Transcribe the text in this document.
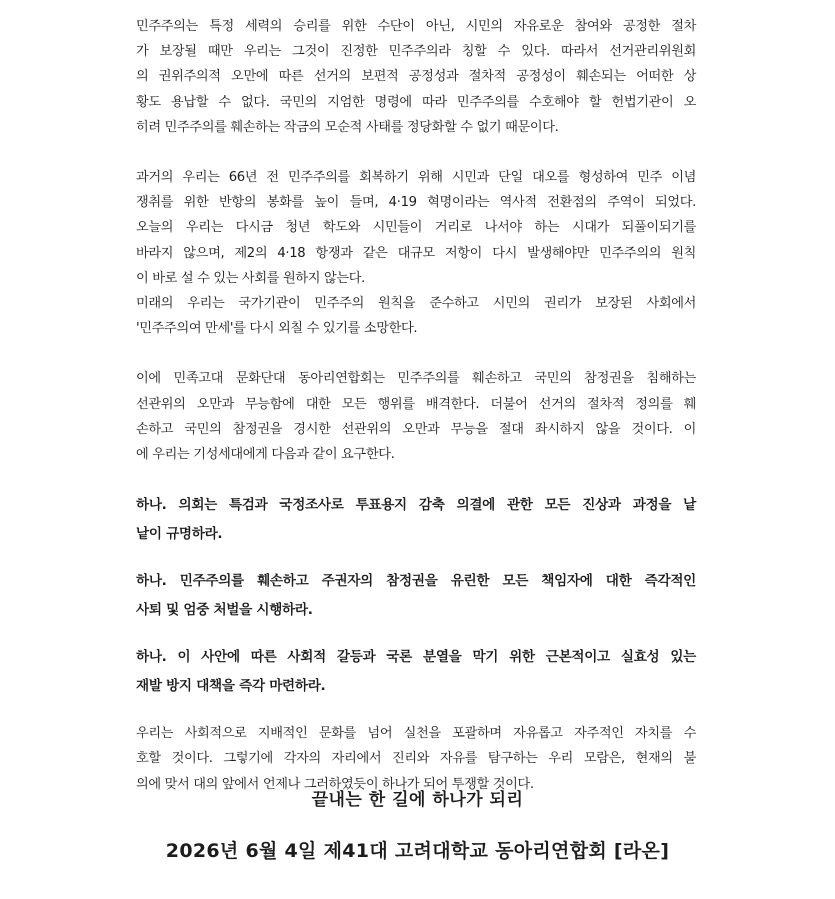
민주주의는 특정 세력의 승리를 위한 수단이 아닌, 시민의 자유로운 참여와 공정한 절차
가 보장될 때만 우리는 그것이 진정한 민주주의라 칭할 수 있다. 따라서 선거관리위원회
의 권위주의적 오만에 따른 선거의 보편적 공정성과 절차적 공정성이 훼손되는 어떠한 상
황도 용납할 수 없다. 국민의 지엄한 명령에 따라 민주주의를 수호해야 할 헌법기관이 오
히려 민주주의를 훼손하는 작금의 모순적 사태를 정당화할 수 없기 때문이다.
과거의 우리는 66년 전 민주주의를 회복하기 위해 시민과 단일 대오를 형성하여 민주 이념
쟁취를 위한 반항의 봉화를 높이 들며, 4·19 혁명이라는 역사적 전환점의 주역이 되었다.
오늘의 우리는 다시금 청년 학도와 시민들이 거리로 나서야 하는 시대가 되풀이되기를
바라지 않으며, 제2의 4·18 항쟁과 같은 대규모 저항이 다시 발생해야만 민주주의의 원칙
이 바로 설 수 있는 사회를 원하지 않는다.
미래의 우리는 국가기관이 민주주의 원칙을 준수하고 시민의 권리가 보장된 사회에서
'민주주의여 만세'를 다시 외칠 수 있기를 소망한다.
이에 민족고대 문화단대 동아리연합회는 민주주의를 훼손하고 국민의 참정권을 침해하는
선관위의 오만과 무능함에 대한 모든 행위를 배격한다. 더불어 선거의 절차적 정의를 훼
손하고 국민의 참정권을 경시한 선관위의 오만과 무능을 절대 좌시하지 않을 것이다. 이
에 우리는 기성세대에게 다음과 같이 요구한다.
하나. 의회는 특검과 국정조사로 투표용지 감축 의결에 관한 모든 진상과 과정을 낱
낱이 규명하라.
하나. 민주주의를 훼손하고 주권자의 참정권을 유린한 모든 책임자에 대한 즉각적인
사퇴 및 엄중 처벌을 시행하라.
하나. 이 사안에 따른 사회적 갈등과 국론 분열을 막기 위한 근본적이고 실효성 있는
재발 방지 대책을 즉각 마련하라.
우리는 사회적으로 지배적인 문화를 넘어 실천을 포괄하며 자유롭고 자주적인 자치를 수
호할 것이다. 그렇기에 각자의 자리에서 진리와 자유를 탐구하는 우리 모람은, 현재의 불
의에 맞서 대의 앞에서 언제나 그러하였듯이 하나가 되어 투쟁할 것이다.
끝내는 한 길에 하나가 되리
2026년 6월 4일 제41대 고려대학교 동아리연합회 [라온]
